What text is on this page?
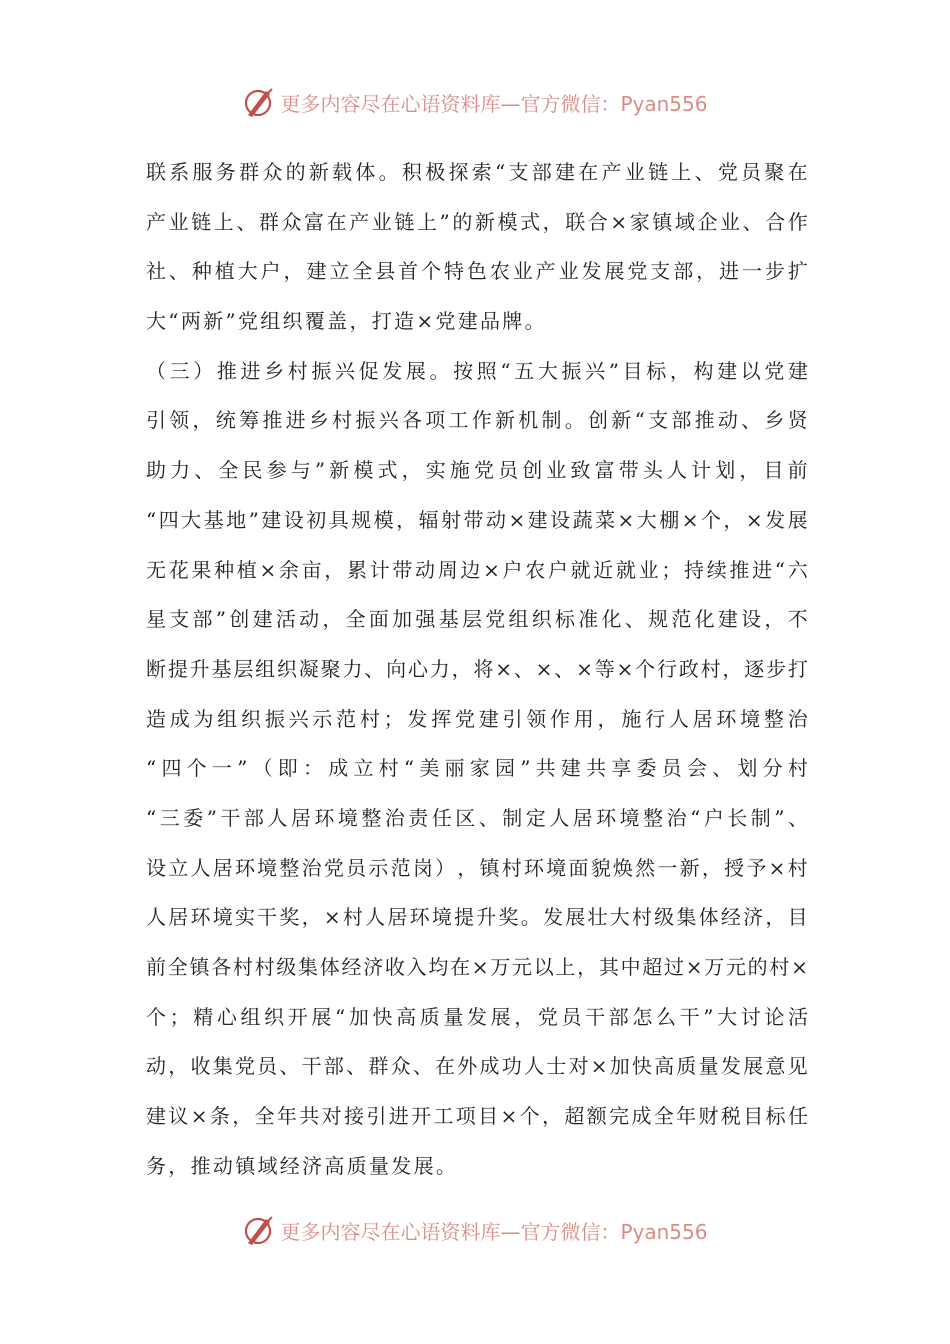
更多内容尽在心语资料库—官方微信：Pyan556
联 系 服 务 群 众 的 新 载 体 。 积 极 探 索 “ 支 部 建 在 产 业 链 上 、 党 员 聚 在
产 业 链 上 、 群 众 富 在 产 业 链 上 ” 的 新 模 式 ， 联 合 × 家 镇 域 企 业 、 合 作
社 、 种 植 大 户 ， 建 立 全 县 首 个 特 色 农 业 产 业 发 展 党 支 部 ， 进 一 步 扩
大“两新”党组织覆盖，打造×党建品牌。
（ 三 ） 推 进 乡 村 振 兴 促 发 展 。 按 照 “ 五 大 振 兴 ” 目 标 ， 构 建 以 党 建
引 领 ， 统 筹 推 进 乡 村 振 兴 各 项 工 作 新 机 制 。 创 新 “ 支 部 推 动 、 乡 贤
助 力 、 全 民 参 与 ” 新 模 式 ， 实 施 党 员 创 业 致 富 带 头 人 计 划 ， 目 前
“ 四 大 基 地 ” 建 设 初 具 规 模 ， 辐 射 带 动 × 建 设 蔬 菜 × 大 棚 × 个 ， × 发 展
无 花 果 种 植 × 余 亩 ， 累 计 带 动 周 边 × 户 农 户 就 近 就 业 ； 持 续 推 进 “ 六
星 支 部 ” 创 建 活 动 ， 全 面 加 强 基 层 党 组 织 标 准 化 、 规 范 化 建 设 ， 不
断 提 升 基 层 组 织 凝 聚 力 、 向 心 力 ， 将 × 、 × 、 × 等 × 个 行 政 村 ， 逐 步 打
造 成 为 组 织 振 兴 示 范 村 ； 发 挥 党 建 引 领 作 用 ， 施 行 人 居 环 境 整 治
“ 四 个 一 ” （ 即 ： 成 立 村 “ 美 丽 家 园 ” 共 建 共 享 委 员 会 、 划 分 村
“ 三 委 ” 干 部 人 居 环 境 整 治 责 任 区 、 制 定 人 居 环 境 整 治 “ 户 长 制 ” 、
设 立 人 居 环 境 整 治 党 员 示 范 岗 ） ， 镇 村 环 境 面 貌 焕 然 一 新 ， 授 予 × 村
人 居 环 境 实 干 奖 ， × 村 人 居 环 境 提 升 奖 。 发 展 壮 大 村 级 集 体 经 济 ， 目
前 全 镇 各 村 村 级 集 体 经 济 收 入 均 在 × 万 元 以 上 ， 其 中 超 过 × 万 元 的 村 ×
个 ； 精 心 组 织 开 展 “ 加 快 高 质 量 发 展 ， 党 员 干 部 怎 么 干 ” 大 讨 论 活
动 ， 收 集 党 员 、 干 部 、 群 众 、 在 外 成 功 人 士 对 × 加 快 高 质 量 发 展 意 见
建 议 × 条 ， 全 年 共 对 接 引 进 开 工 项 目 × 个 ， 超 额 完 成 全 年 财 税 目 标 任
务，推动镇域经济高质量发展。
更多内容尽在心语资料库—官方微信：Pyan556
